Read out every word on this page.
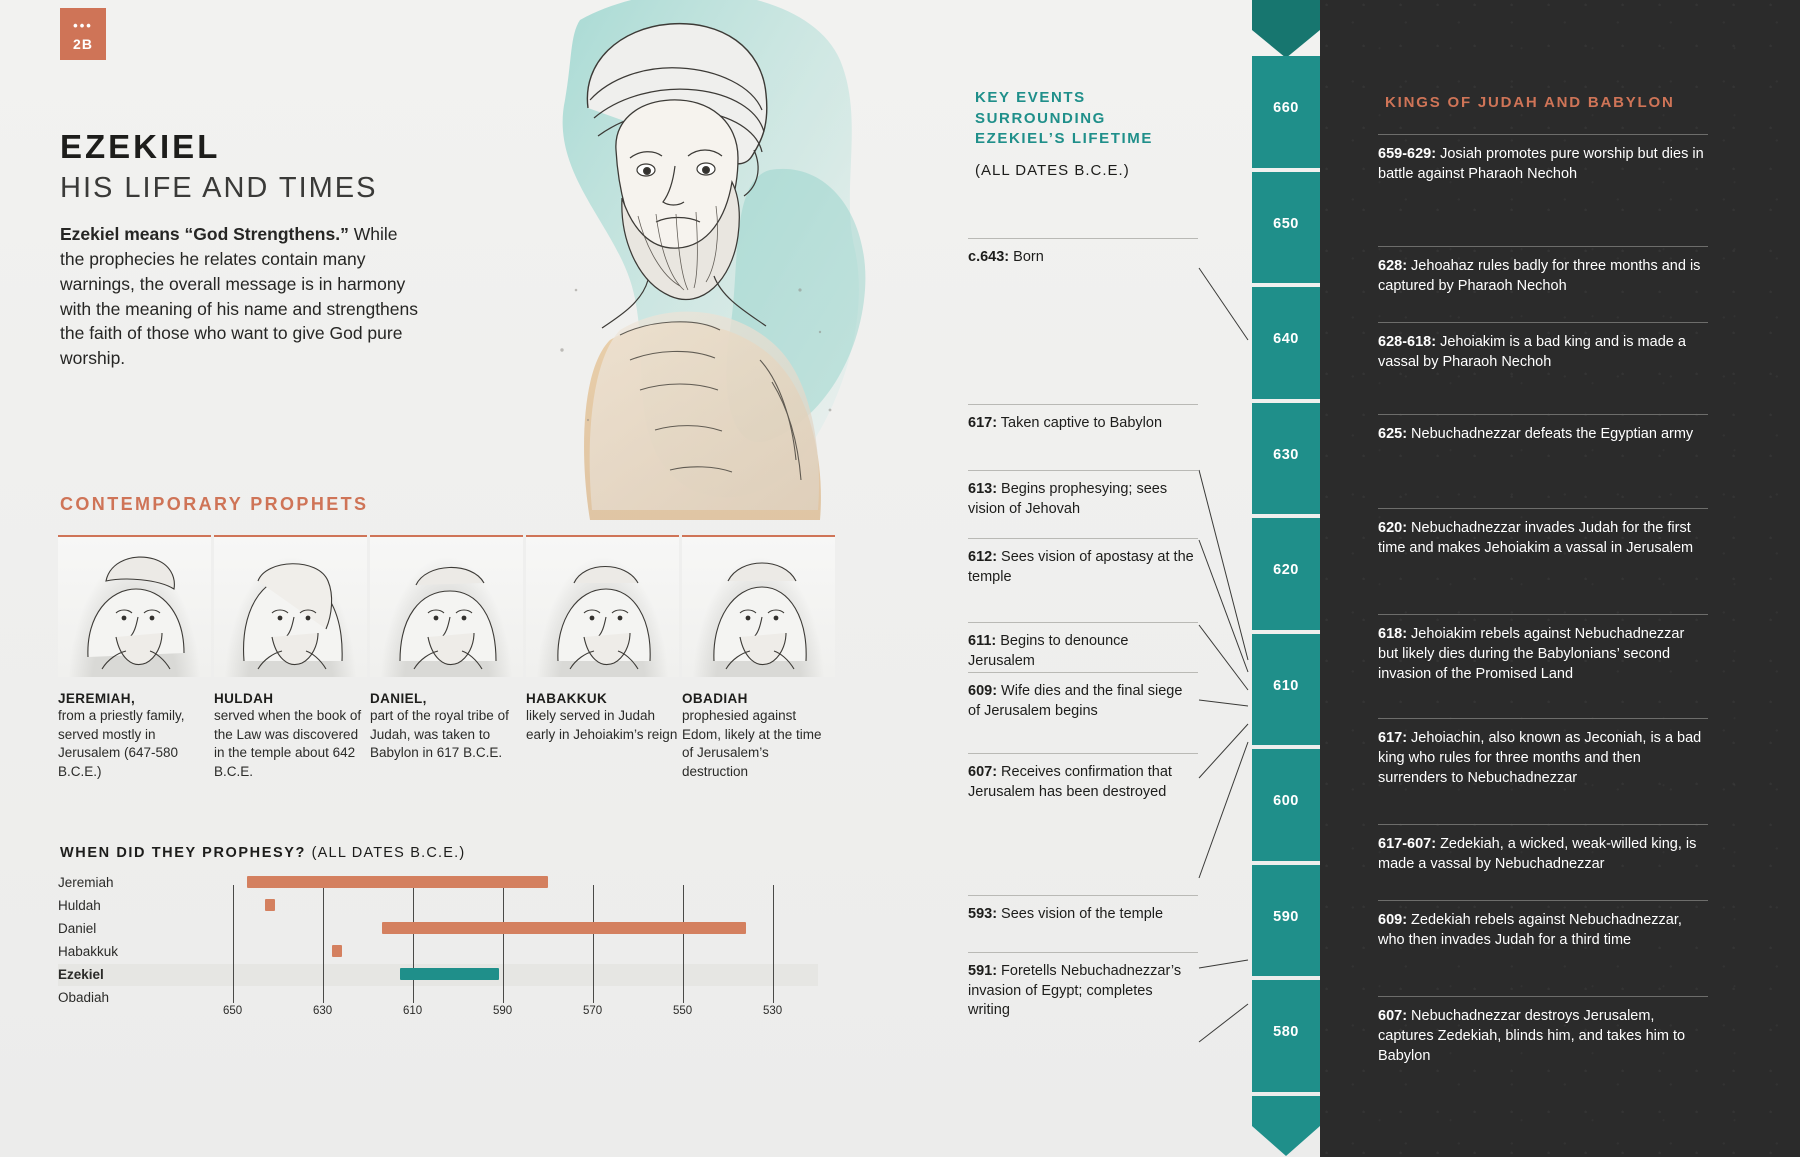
•••
2B
EZEKIEL
HIS LIFE AND TIMES
Ezekiel means “God Strengthens.” While the prophecies he relates contain many warnings, the overall message is in harmony with the meaning of his name and strengthens the faith of those who want to give God pure worship.
CONTEMPORARY PROPHETS
JEREMIAH,
from a priestly family, served mostly in Jerusalem (647-580 B.C.E.)
HULDAH
served when the book of the Law was discovered in the temple about 642 B.C.E.
DANIEL,
part of the royal tribe of Judah, was taken to Babylon in 617 B.C.E.
HABAKKUK
likely served in Judah early in Jehoiakim’s reign
OBADIAH
prophesied against Edom, likely at the time of Jerusalem’s destruction
WHEN DID THEY PROPHESY? (ALL DATES B.C.E.)
650	630	610	590	570	550	530
Jeremiah
Huldah
Daniel
Habakkuk
Ezekiel
Obadiah
KEY EVENTS
SURROUNDING
EZEKIEL’S LIFETIME
(ALL DATES B.C.E.)
c.643: Born
617: Taken captive to Babylon
613: Begins prophesying; sees vision of Jehovah
612: Sees vision of apostasy at the temple
611: Begins to denounce Jerusalem
609: Wife dies and the final siege of Jerusalem begins
607: Receives confirmation that Jerusalem has been destroyed
593: Sees vision of the temple
591: Foretells Nebuchadnezzar’s invasion of Egypt; completes writing
660
650
640
630
620
610
600
590
580
KINGS OF JUDAH AND BABYLON
659-629: Josiah promotes pure worship but dies in battle against Pharaoh Nechoh
628: Jehoahaz rules badly for three months and is captured by Pharaoh Nechoh
628-618: Jehoiakim is a bad king and is made a vassal by Pharaoh Nechoh
625: Nebuchadnezzar defeats the Egyptian army
620: Nebuchadnezzar invades Judah for the first time and makes Jehoiakim a vassal in Jerusalem
618: Jehoiakim rebels against Nebuchadnezzar but likely dies during the Babylonians’ second invasion of the Promised Land
617: Jehoiachin, also known as Jeconiah, is a bad king who rules for three months and then surrenders to Nebuchadnezzar
617-607: Zedekiah, a wicked, weak-willed king, is made a vassal by Nebuchadnezzar
609: Zedekiah rebels against Nebuchadnezzar, who then invades Judah for a third time
607: Nebuchadnezzar destroys Jerusalem, captures Zedekiah, blinds him, and takes him to Babylon
